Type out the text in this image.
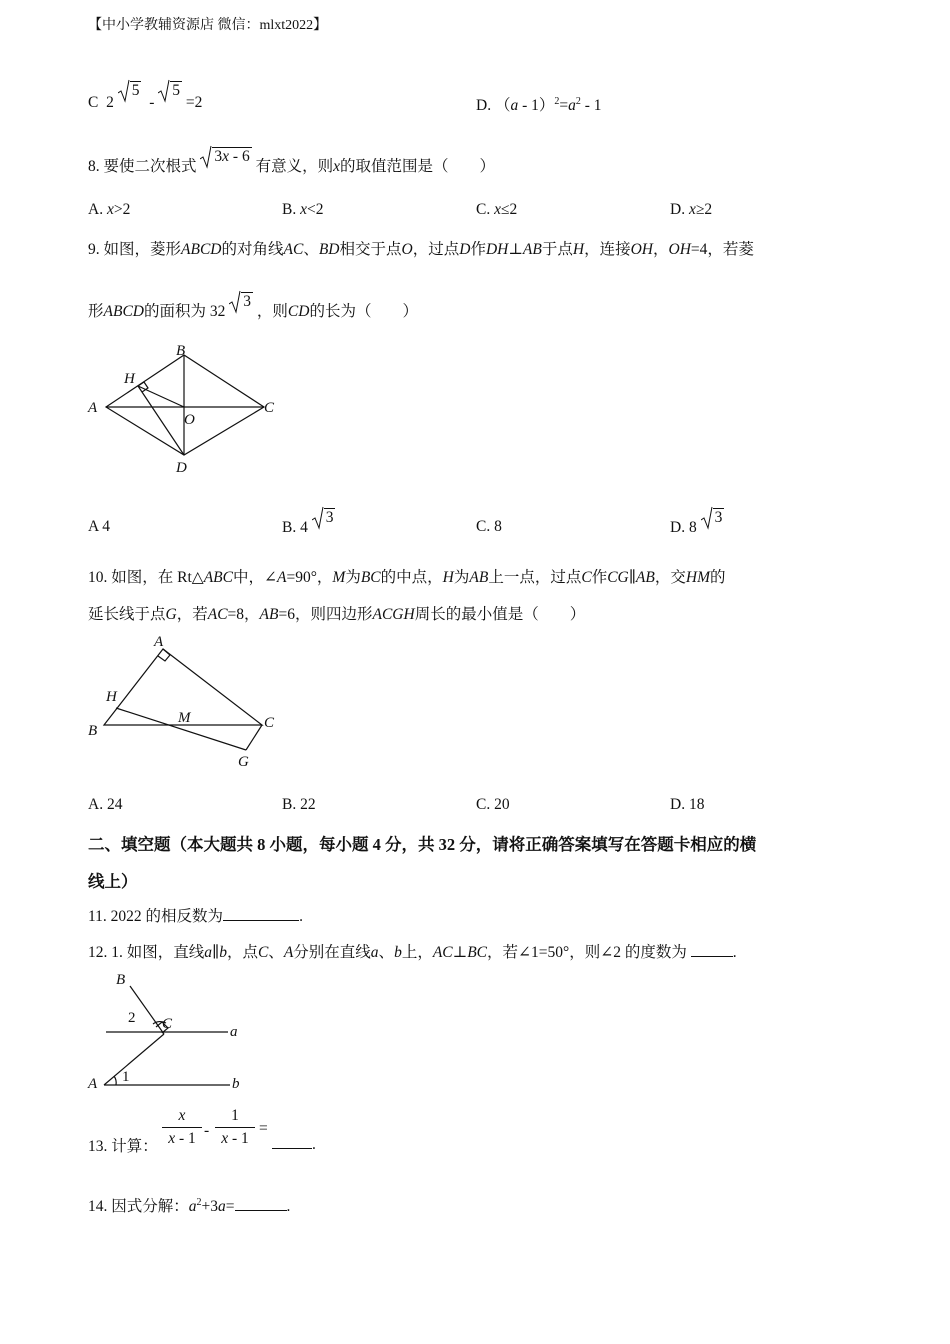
【中小学教辅资源店 微信：mlxt2022】
C 2
5  -
5 =2	D. $(a - 1)^2=a^2 - 1$
8. 要使二次根式
3x - 6 有意义，则x的取值范围是（　　）
A. x>2	B. x<2	C. x≤2	D. x≥2
9. 如图，菱形ABCD的对角线AC、BD相交于点O，过点D作DH⊥AB于点H，连接OH，OH=4，若菱
形ABCD的面积为 32
3 ，则CD的长为（　　）
A
B
C
D
H
O
A 4	B. 4
3
C. 8	D. 8
3
10. 如图，在 Rt△ABC中，∠A=90°，M为BC的中点，H为AB上一点，过点C作CG∥AB，交HM的
延长线于点G，若AC=8，AB=6，则四边形ACGH周长的最小值是（　　）
A
B	C
G
H
M
A. 24	B. 22	C. 20	D. 18
二、填空题（本大题共 8 小题，每小题 4 分，共 32 分，请将正确答案填写在答题卡相应的横
线上）
11. 2022 的相反数为	.
12. 1. 如图，直线a∥b，点C、A分别在直线a、b上，AC⊥BC，若∠1=50°，则∠2 的度数为	.
B
C
A
a
b
1
2
13. 计算： $\frac{x}{x - 1} - \frac{1}{x - 1}$ =
.
14. 因式分解：$a^2+3a=$	.
